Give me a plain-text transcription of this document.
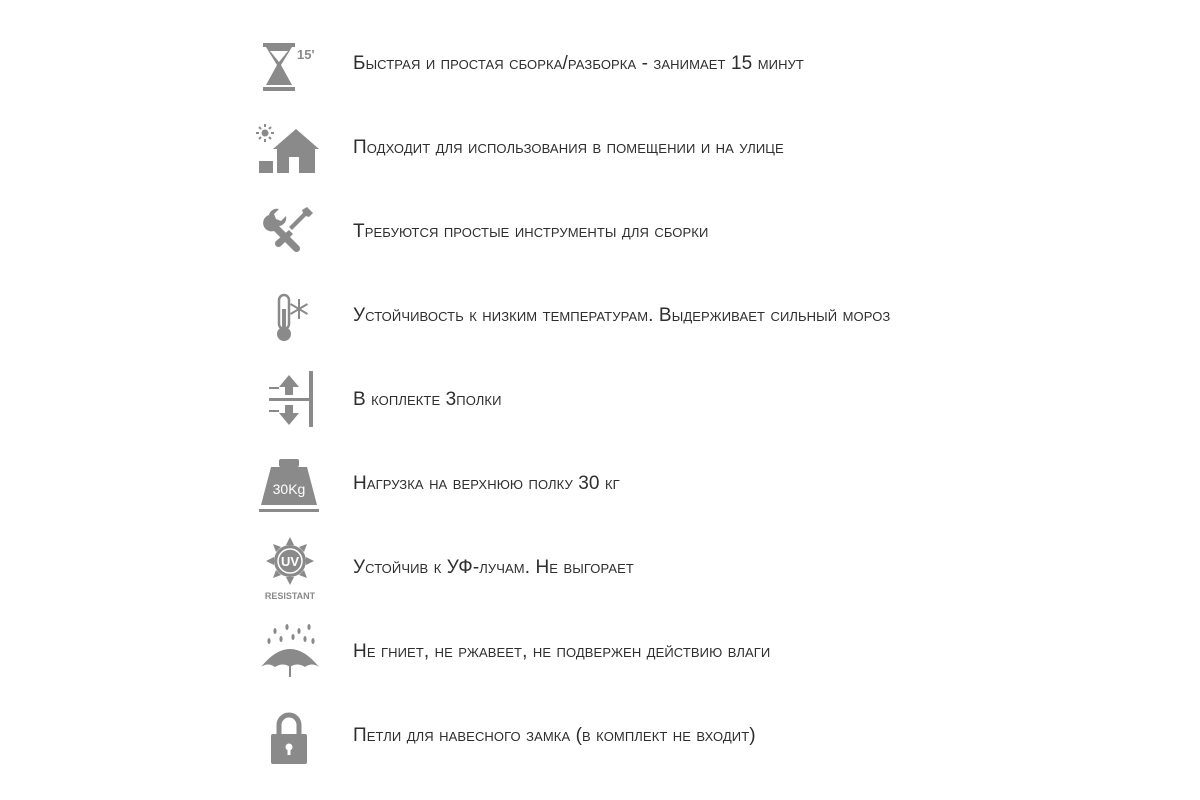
15' Быстрая и простая сборка/разборка - занимает 15 минут
Подходит для использования в помещении и на улице
Требуются простые инструменты для сборки
Устойчивость к низким температурам. Выдерживает сильный мороз
В коплекте 3полки
30Kg	Нагрузка на верхнюю полку 30 кг
UV
RESISTANT
Устойчив к УФ-лучам. Не выгорает
Не гниет, не ржавеет, не подвержен действию влаги
Петли для навесного замка (в комплект не входит)
